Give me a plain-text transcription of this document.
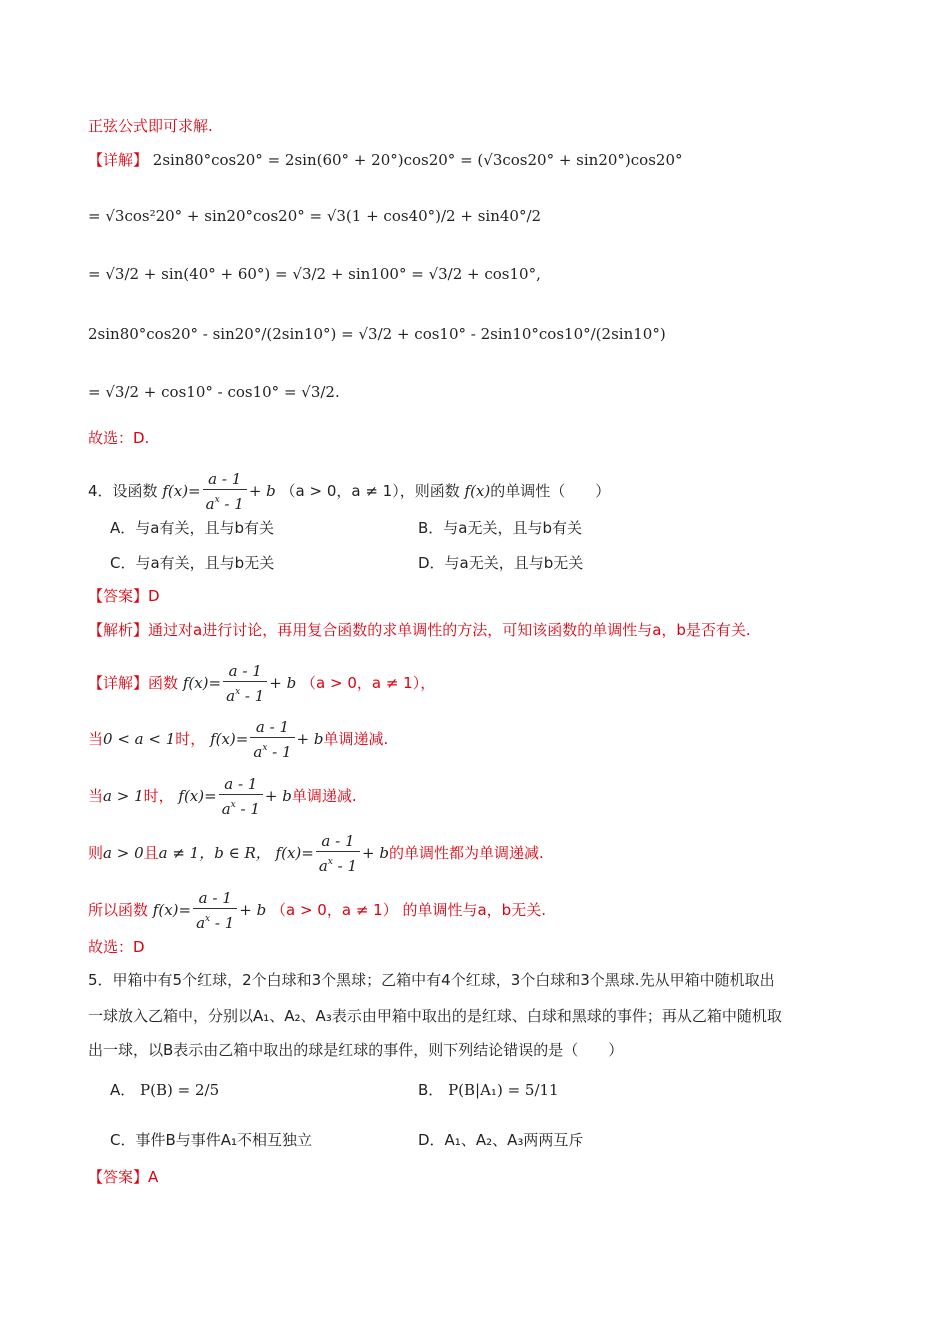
正弦公式即可求解.
【详解】 2sin80°cos20° = 2sin(60° + 20°)cos20° = (√3cos20° + sin20°)cos20°
= √3cos²20° + sin20°cos20° = √3(1 + cos40°)/2 + sin40°/2
= √3/2 + sin(40° + 60°) = √3/2 + sin100° = √3/2 + cos10°,
2sin80°cos20° - sin20°/(2sin10°) = √3/2 + cos10° - 2sin10°cos10°/(2sin10°)
= √3/2 + cos10° - cos10° = √3/2.
故选：D.
4．设函数 $f(x)= \frac{a - 1}{a^x - 1} + b$ （a > 0，a ≠ 1），则函数 f(x)的单调性（　　）
A．与a有关，且与b有关	B．与a无关，且与b有关
C．与a有关，且与b无关	D．与a无关，且与b无关
【答案】D
【解析】通过对a进行讨论，再用复合函数的求单调性的方法，可知该函数的单调性与a，b是否有关.
【详解】函数 $f(x)= \frac{a - 1}{a^x - 1} + b$ （a > 0，a ≠ 1），
当0 < a < 1时， $f(x)= \frac{a - 1}{a^x - 1} + b$单调递减.
当a > 1时， $f(x)= \frac{a - 1}{a^x - 1} + b$单调递减.
则a > 0且a ≠ 1，b ∈ R， $f(x)= \frac{a - 1}{a^x - 1} + b$的单调性都为单调递减.
所以函数 $f(x)= \frac{a - 1}{a^x - 1} + b$ （a > 0，a ≠ 1） 的单调性与a，b无关.
故选：D
5．甲箱中有5个红球，2个白球和3个黑球；乙箱中有4个红球，3个白球和3个黑球.先从甲箱中随机取出
一球放入乙箱中，分别以A₁、A₂、A₃表示由甲箱中取出的是红球、白球和黑球的事件；再从乙箱中随机取
出一球，以B表示由乙箱中取出的球是红球的事件，则下列结论错误的是（　　）
A． P(B) = 2/5	B． P(B|A₁) = 5/11
C．事件B与事件A₁不相互独立	D．A₁、A₂、A₃两两互斥
【答案】A
